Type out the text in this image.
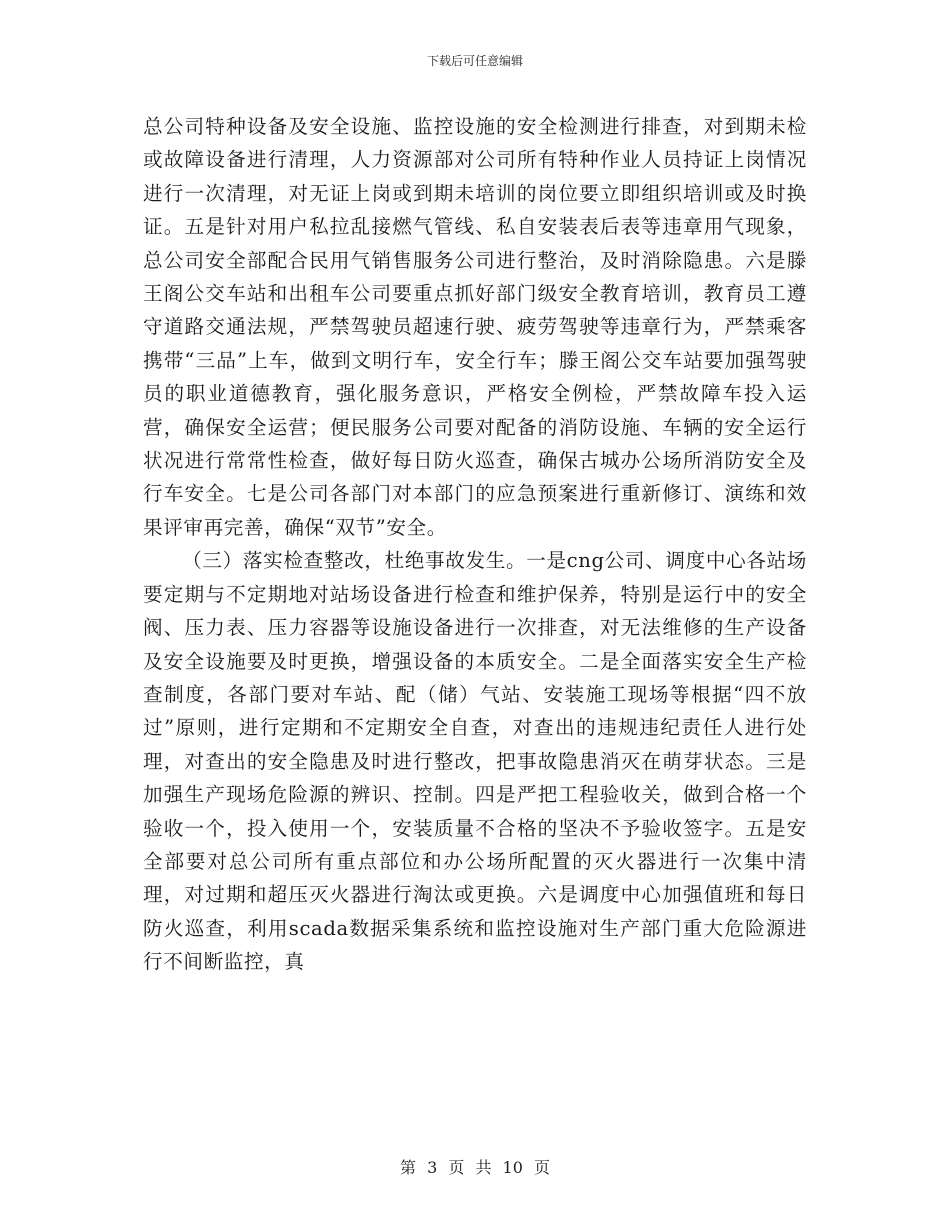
下载后可任意编辑

总公司特种设备及安全设施、监控设施的安全检测进行排查，对到期未检或故障设备进行清理，人力资源部对公司所有特种作业人员持证上岗情况进行一次清理，对无证上岗或到期未培训的岗位要立即组织培训或及时换证。五是针对用户私拉乱接燃气管线、私自安装表后表等违章用气现象，总公司安全部配合民用气销售服务公司进行整治，及时消除隐患。六是滕王阁公交车站和出租车公司要重点抓好部门级安全教育培训，教育员工遵守道路交通法规，严禁驾驶员超速行驶、疲劳驾驶等违章行为，严禁乘客携带“三品”上车，做到文明行车，安全行车；滕王阁公交车站要加强驾驶员的职业道德教育，强化服务意识，严格安全例检，严禁故障车投入运营，确保安全运营；便民服务公司要对配备的消防设施、车辆的安全运行状况进行常常性检查，做好每日防火巡查，确保古城办公场所消防安全及行车安全。七是公司各部门对本部门的应急预案进行重新修订、演练和效果评审再完善，确保“双节”安全。

（三）落实检查整改，杜绝事故发生。一是cng公司、调度中心各站场要定期与不定期地对站场设备进行检查和维护保养，特别是运行中的安全阀、压力表、压力容器等设施设备进行一次排查，对无法维修的生产设备及安全设施要及时更换，增强设备的本质安全。二是全面落实安全生产检查制度，各部门要对车站、配（储）气站、安装施工现场等根据“四不放过”原则，进行定期和不定期安全自查，对查出的违规违纪责任人进行处理，对查出的安全隐患及时进行整改，把事故隐患消灭在萌芽状态。三是加强生产现场危险源的辨识、控制。四是严把工程验收关，做到合格一个验收一个，投入使用一个，安装质量不合格的坚决不予验收签字。五是安全部要对总公司所有重点部位和办公场所配置的灭火器进行一次集中清理，对过期和超压灭火器进行淘汰或更换。六是调度中心加强值班和每日防火巡查，利用scada数据采集系统和监控设施对生产部门重大危险源进行不间断监控，真

第 3 页 共 10 页
